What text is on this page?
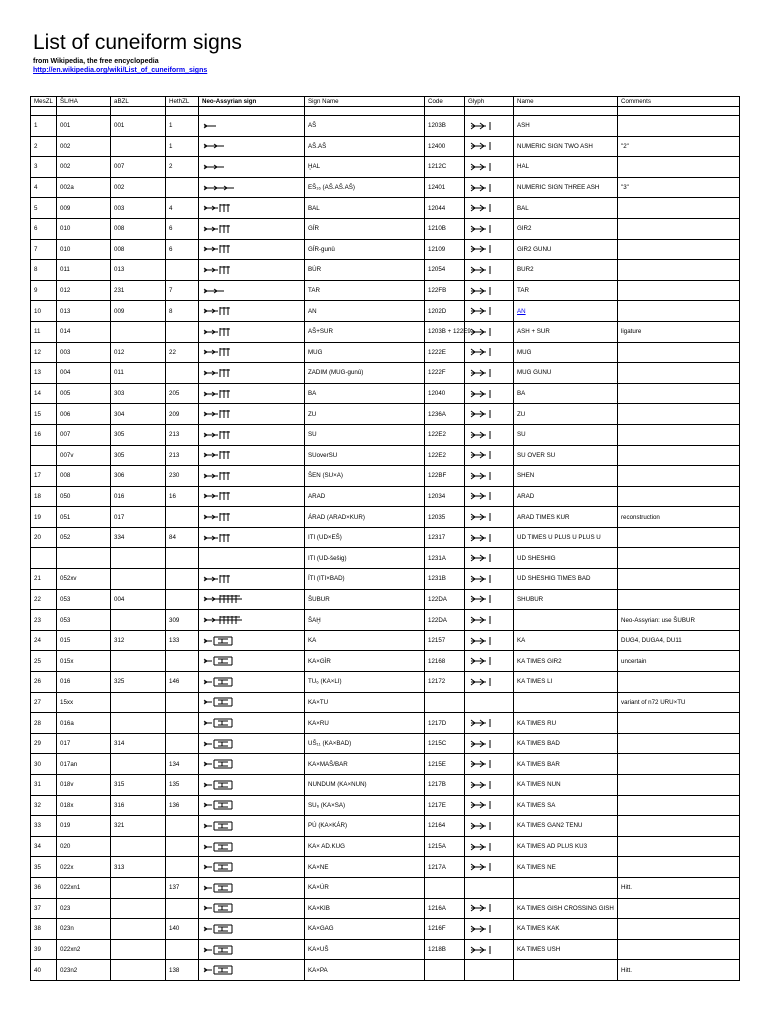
List of cuneiform signs
from Wikipedia, the free encyclopedia
http://en.wikipedia.org/wiki/List_of_cuneiform_signs
MesZL	ŠL/HA	aBZL	HethZL	Neo-Assyrian sign	Sign Name	Code	Glyph	Name	Comments

1	001	001	1		AŠ	1203B		ASH	
2	002		1		AŠ.AŠ	12400		NUMERIC SIGN TWO ASH	"2"
3	002	007	2		ḪAL	1212C		HAL	
4	002a	002			EŠ₁₆ (AŠ.AŠ.AŠ)	12401		NUMERIC SIGN THREE ASH	"3"
5	009	003	4		BAL	12044		BAL	
6	010	008	6		GÍR	1210B		GIR2	
7	010	008	6		GÍR-gunû	12109		GIR2 GUNU	
8	011	013			BÙR	12054		BUR2	
9	012	231	7		TAR	122FB		TAR	
10	013	009	8		AN	1202D		AN	
11	014				AŠ+SUR	1203B + 122E9		ASH + SUR	ligature
12	003	012	22		MUG	1222E		MUG	
13	004	011			ZADIM (MUG-gunû)	1222F		MUG GUNU	
14	005	303	205		BA	12040		BA	
15	006	304	209		ZU	1236A		ZU	
16	007	305	213		SU	122E2		SU	
	007v	305	213		SUoverSU	122E2		SU OVER SU	
17	008	306	230		ŠEN (SU×A)	122BF		SHEN	
18	050	016	16		ARAD	12034		ARAD	
19	051	017			ÁRAD (ARAD×KUR)	12035		ARAD TIMES KUR	reconstruction
20	052	334	84		ITI (UD×EŠ)	12317		UD TIMES U PLUS U PLUS U	
					ITI (UD-šešig)	1231A		UD SHESHIG	
21	052xv				ÍTI (ITI×BAD)	1231B		UD SHESHIG TIMES BAD	
22	053	004			ŠUBUR	122DA		SHUBUR	
23	053		309		ŠAḪ	122DA			Neo-Assyrian: use ŠUBUR
24	015	312	133		KA	12157		KA	DUG4, DUGA4, DU11
25	015x				KA×GÌR	12168		KA TIMES GIR2	uncertain
26	016	325	146		TU₆ (KA×LI)	12172		KA TIMES LI	
27	15xx				KA×TU				variant of n72 URU×TU
28	016a				KA×RU	1217D		KA TIMES RU	
29	017	314			UŠ₁₁ (KA×BAD)	1215C		KA TIMES BAD	
30	017an		134		KA×MAŠ/BAR	1215E		KA TIMES BAR	
31	018v	315	135		NUNDUM (KA×NUN)	1217B		KA TIMES NUN	
32	018x	316	136		SU₆ (KA×SA)	1217E		KA TIMES SA	
33	019	321			PÚ (KA×KÁR)	12164		KA TIMES GAN2 TENU	
34	020				KA× AD.KUG	1215A		KA TIMES AD PLUS KU3	
35	022x	313			KA×NE	1217A		KA TIMES NE	
36	022xn1		137		KA×ÚR				Hitt.
37	023				KA×KIB	1216A		KA TIMES GISH CROSSING GISH	
38	023n		140		KA×GAG	1216F		KA TIMES KAK	
39	022xn2				KA×UŠ	1218B		KA TIMES USH	
40	023n2		138		KA×PA				Hitt.
